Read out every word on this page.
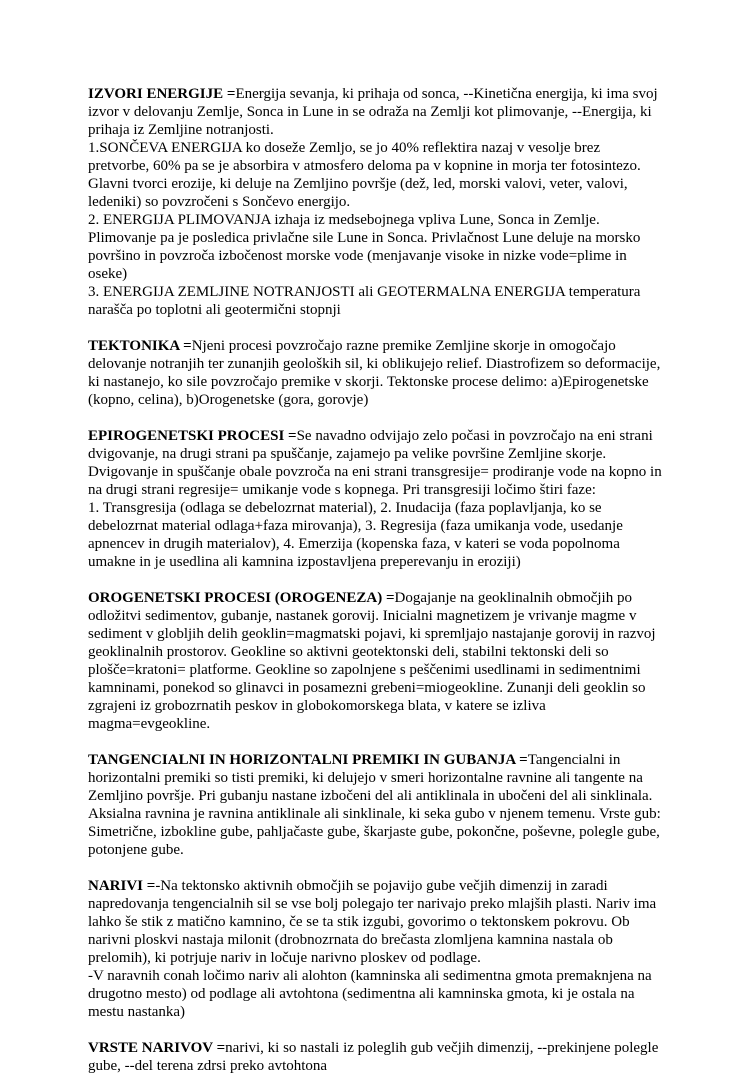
IZVORI ENERGIJE =Energija sevanja, ki prihaja od sonca, --Kinetična energija, ki ima svoj izvor v delovanju Zemlje, Sonca in Lune in se odraža na Zemlji kot plimovanje, --Energija, ki prihaja iz Zemljine notranjosti.
1.SONČEVA ENERGIJA ko doseže Zemljo, se jo 40% reflektira nazaj v vesolje brez pretvorbe, 60% pa se je absorbira v atmosfero deloma pa v kopnine in morja ter fotosintezo. Glavni tvorci erozije, ki deluje na Zemljino površje (dež, led, morski valovi, veter, valovi, ledeniki) so povzročeni s Sončevo energijo.
2. ENERGIJA PLIMOVANJA izhaja iz medsebojnega vpliva Lune, Sonca in Zemlje. Plimovanje pa je posledica privlačne sile Lune in Sonca. Privlačnost Lune deluje na morsko površino in povzroča izbočenost morske vode (menjavanje visoke in nizke vode=plime in oseke)
3. ENERGIJA ZEMLJINE NOTRANJOSTI ali GEOTERMALNA ENERGIJA temperatura narašča po toplotni ali geotermični stopnji

TEKTONIKA =Njeni procesi povzročajo razne premike Zemljine skorje in omogočajo delovanje notranjih ter zunanjih geoloških sil, ki oblikujejo relief. Diastrofizem so deformacije, ki nastanejo, ko sile povzročajo premike v skorji. Tektonske procese delimo: a)Epirogenetske (kopno, celina), b)Orogenetske (gora, gorovje)

EPIROGENETSKI PROCESI =Se navadno odvijajo zelo počasi in povzročajo na eni strani dvigovanje, na drugi strani pa spuščanje, zajamejo pa velike površine Zemljine skorje. Dvigovanje in spuščanje obale povzroča na eni strani transgresije= prodiranje vode na kopno in na drugi strani regresije= umikanje vode s kopnega. Pri transgresiji ločimo štiri faze:
1. Transgresija (odlaga se debelozrnat material), 2. Inudacija (faza poplavljanja, ko se debelozrnat material odlaga+faza mirovanja), 3. Regresija (faza umikanja vode, usedanje apnencev in drugih materialov), 4. Emerzija (kopenska faza, v kateri se voda popolnoma umakne in je usedlina ali kamnina izpostavljena preperevanju in eroziji)

OROGENETSKI PROCESI (OROGENEZA) =Dogajanje na geoklinalnih območjih po odložitvi sedimentov, gubanje, nastanek gorovij. Inicialni magnetizem je vrivanje magme v sediment v globljih delih geoklin=magmatski pojavi, ki spremljajo nastajanje gorovij in razvoj geoklinalnih prostorov. Geokline so aktivni geotektonski deli, stabilni tektonski deli so plošče=kratoni= platforme. Geokline so zapolnjene s peščenimi usedlinami in sedimentnimi kamninami, ponekod so glinavci in posamezni grebeni=miogeokline. Zunanji deli geoklin so zgrajeni iz grobozrnatih peskov in globokomorskega blata, v katere se izliva magma=evgeokline.

TANGENCIALNI IN HORIZONTALNI PREMIKI IN GUBANJA =Tangencialni in horizontalni premiki so tisti premiki, ki delujejo v smeri horizontalne ravnine ali tangente na Zemljino površje. Pri gubanju nastane izbočeni del ali antiklinala in ubočeni del ali sinklinala. Aksialna ravnina je ravnina antiklinale ali sinklinale, ki seka gubo v njenem temenu. Vrste gub:
Simetrične, izbokline gube, pahljačaste gube, škarjaste gube, pokončne, poševne, polegle gube, potonjene gube.

NARIVI =-Na tektonsko aktivnih območjih se pojavijo gube večjih dimenzij in zaradi napredovanja tengencialnih sil se vse bolj polegajo ter narivajo preko mlajših plasti. Nariv ima lahko še stik z matično kamnino, če se ta stik izgubi, govorimo o tektonskem pokrovu. Ob narivni ploskvi nastaja milonit (drobnozrnata do brečasta zlomljena kamnina nastala ob prelomih), ki potrjuje nariv in ločuje narivno ploskev od podlage.
-V naravnih conah ločimo nariv ali alohton (kamninska ali sedimentna gmota premaknjena na drugotno mesto) od podlage ali avtohtona (sedimentna ali kamninska gmota, ki je ostala na mestu nastanka)

VRSTE NARIVOV =narivi, ki so nastali iz poleglih gub večjih dimenzij, --prekinjene polegle gube, --del terena zdrsi preko avtohtona
